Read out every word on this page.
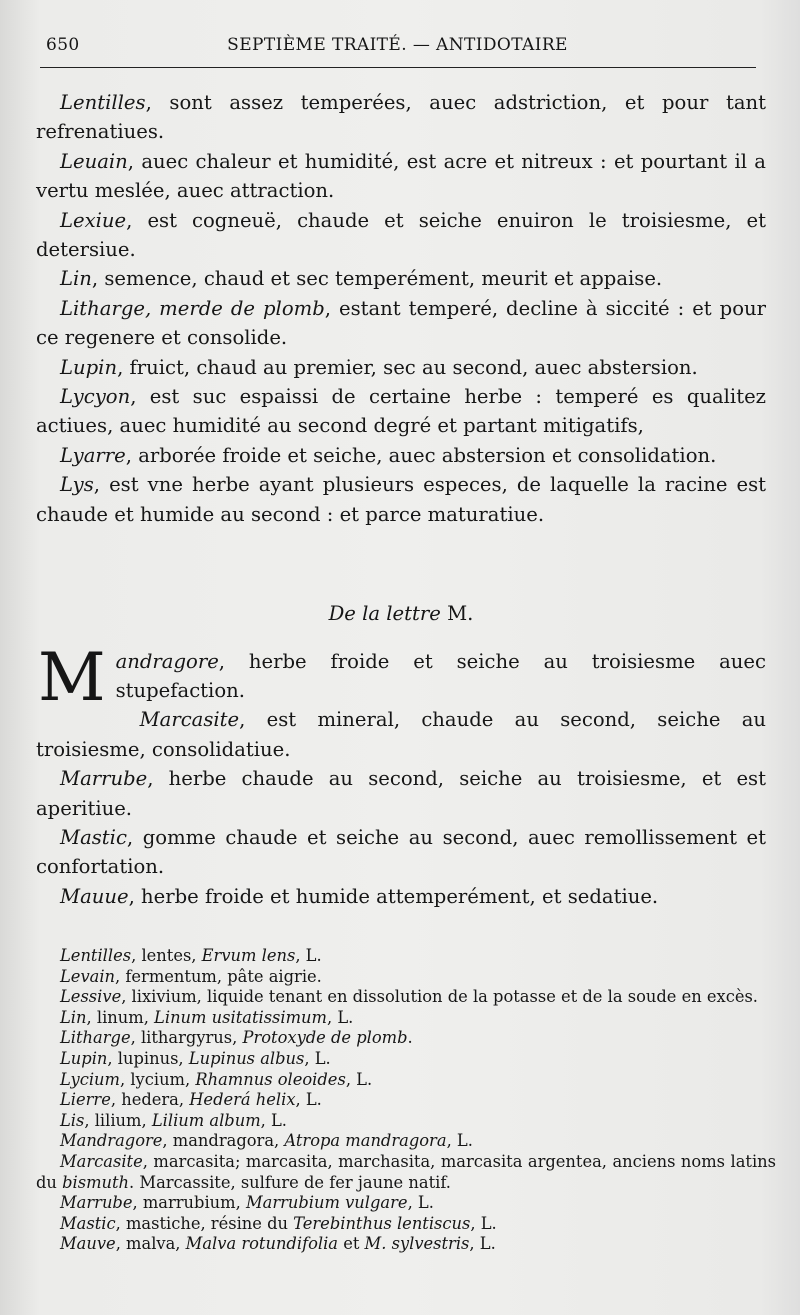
650	SEPTIÈME TRAITÉ. — ANTIDOTAIRE

Lentilles, sont assez temperées, auec adstriction, et pour tant refrenatiues.

Leuain, auec chaleur et humidité, est acre et nitreux : et pourtant il a vertu meslée, auec attraction.

Lexiue, est cogneuë, chaude et seiche enuiron le troisiesme, et detersiue.

Lin, semence, chaud et sec temperément, meurit et appaise.

Litharge, merde de plomb, estant temperé, decline à siccité : et pour ce regenere et consolide.

Lupin, fruict, chaud au premier, sec au second, auec abstersion.

Lycyon, est suc espaissi de certaine herbe : temperé es qualitez actiues, auec humidité au second degré et partant mitigatifs,

Lyarre, arborée froide et seiche, auec abstersion et consolidation.

Lys, est vne herbe ayant plusieurs especes, de laquelle la racine est chaude et humide au second : et parce maturatiue.

De la lettre M.

M andragore, herbe froide et seiche au troisiesme auec stupefaction.

Marcasite, est mineral, chaude au second, seiche au troisiesme, consolidatiue.

Marrube, herbe chaude au second, seiche au troisiesme, et est aperitiue.

Mastic, gomme chaude et seiche au second, auec remollissement et confortation.

Mauue, herbe froide et humide attemperément, et sedatiue.

Lentilles, lentes, Ervum lens, L.

Levain, fermentum, pâte aigrie.

Lessive, lixivium, liquide tenant en dissolution de la potasse et de la soude en excès.

Lin, linum, Linum usitatissimum, L.

Litharge, lithargyrus, Protoxyde de plomb.

Lupin, lupinus, Lupinus albus, L.

Lycium, lycium, Rhamnus oleoides, L.

Lierre, hedera, Hederá helix, L.

Lis, lilium, Lilium album, L.

Mandragore, mandragora, Atropa mandragora, L.

Marcasite, marcasita; marcasita, marchasita, marcasita argentea, anciens noms latins du bismuth. Marcassite, sulfure de fer jaune natif.

Marrube, marrubium, Marrubium vulgare, L.

Mastic, mastiche, résine du Terebinthus lentiscus, L.

Mauve, malva, Malva rotundifolia et M. sylvestris, L.
